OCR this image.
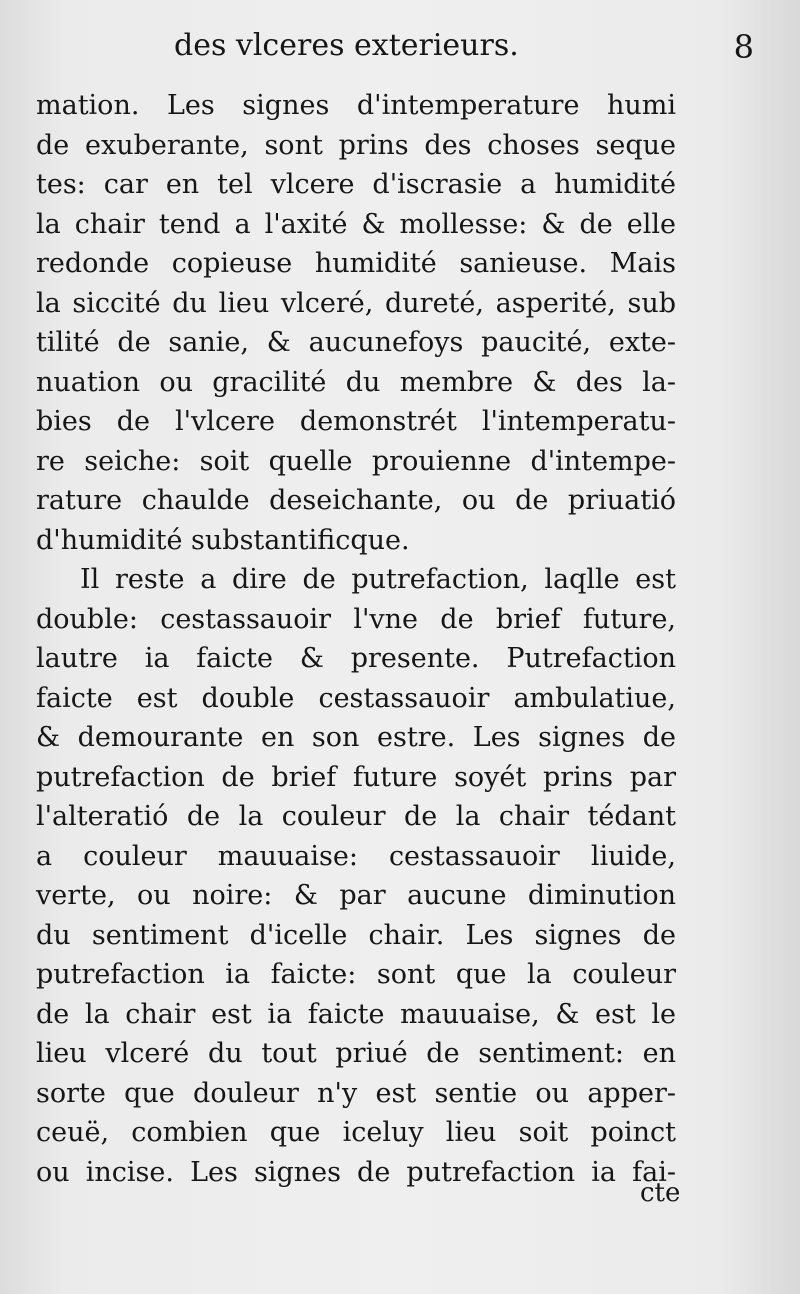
des vlceres exterieurs.	8
mation. Les signes d'intemperature humi
de exuberante, sont prins des choses seque
tes: car en tel vlcere d'iscrasie a humidité
la chair tend a l'axité & mollesse: & de elle
redonde copieuse humidité sanieuse. Mais
la siccité du lieu vlceré, dureté, asperité, sub
tilité de sanie, & aucunefoys paucité, exte-
nuation ou gracilité du membre & des la-
bies de l'vlcere demonstrét l'intemperatu-
re seiche: soit quelle prouienne d'intempe-
rature chaulde deseichante, ou de priuatió
d'humidité substantificque.
Il reste a dire de putrefaction, laqlle est
double: cestassauoir l'vne de brief future,
lautre ia faicte & presente. Putrefaction
faicte est double cestassauoir ambulatiue,
& demourante en son estre. Les signes de
putrefaction de brief future soyét prins par
l'alteratió de la couleur de la chair tédant
a couleur mauuaise: cestassauoir liuide,
verte, ou noire: & par aucune diminution
du sentiment d'icelle chair. Les signes de
putrefaction ia faicte: sont que la couleur
de la chair est ia faicte mauuaise, & est le
lieu vlceré du tout priué de sentiment: en
sorte que douleur n'y est sentie ou apper-
ceuë, combien que iceluy lieu soit poinct
ou incise. Les signes de putrefaction ia fai-
cte
